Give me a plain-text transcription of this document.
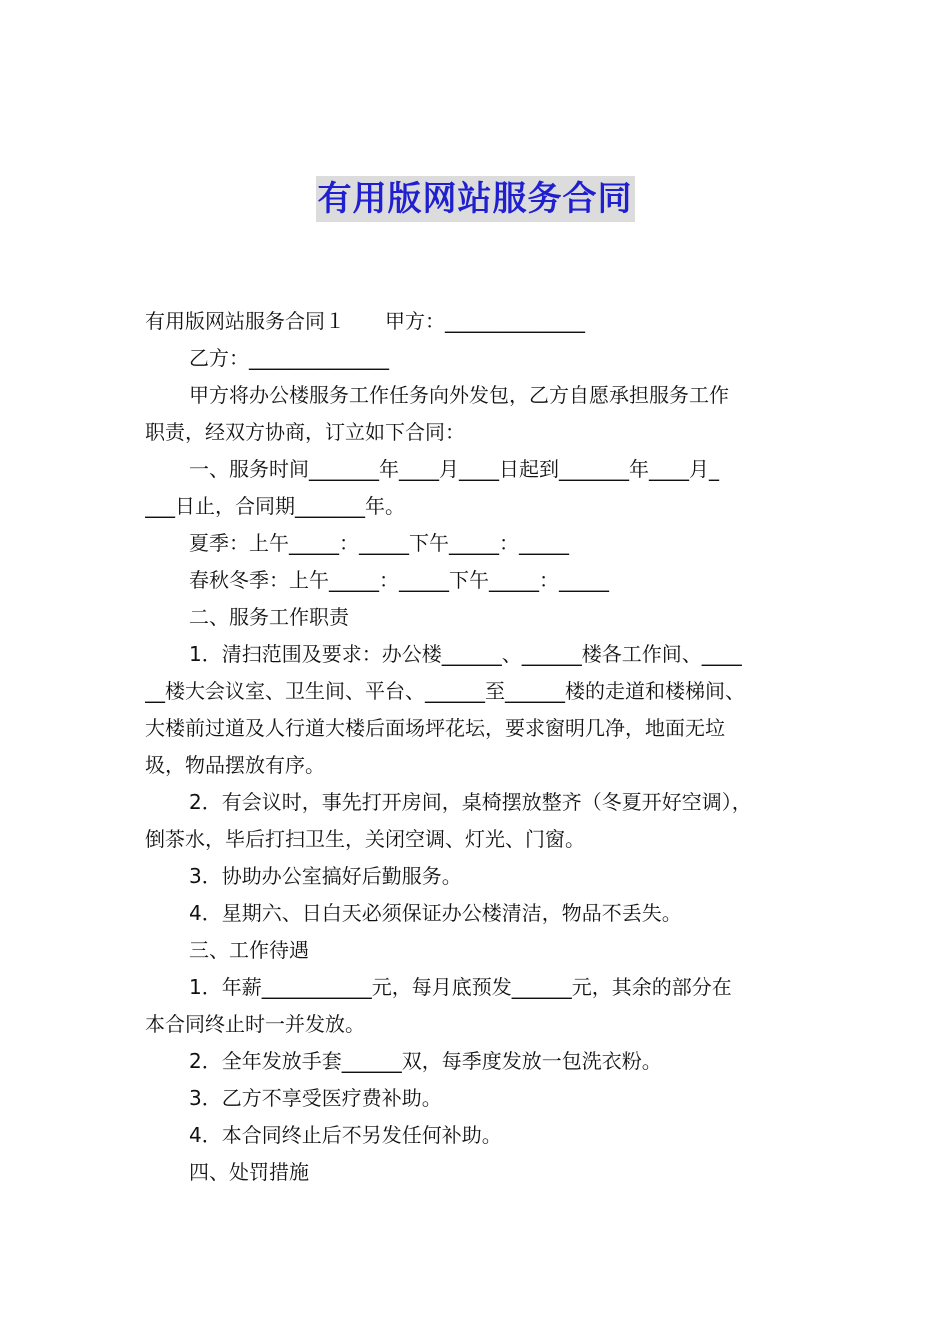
有用版网站服务合同

有用版网站服务合同１　　甲方：______________

乙方：______________

甲方将办公楼服务工作任务向外发包，乙方自愿承担服务工作

职责，经双方协商，订立如下合同：

一、服务时间_______年____月____日起到_______年____月_

___日止，合同期_______年。

夏季：上午_____：_____下午_____：_____

春秋冬季：上午_____：_____下午_____：_____

二、服务工作职责

1．清扫范围及要求：办公楼______、______楼各工作间、____

__楼大会议室、卫生间、平台、______至______楼的走道和楼梯间、

大楼前过道及人行道大楼后面场坪花坛，要求窗明几净，地面无垃

圾，物品摆放有序。

2．有会议时，事先打开房间，桌椅摆放整齐（冬夏开好空调），

倒茶水，毕后打扫卫生，关闭空调、灯光、门窗。

3．协助办公室搞好后勤服务。

4．星期六、日白天必须保证办公楼清洁，物品不丢失。

三、工作待遇

1．年薪___________元，每月底预发______元，其余的部分在

本合同终止时一并发放。

2．全年发放手套______双，每季度发放一包洗衣粉。

3．乙方不享受医疗费补助。

4．本合同终止后不另发任何补助。

四、处罚措施
